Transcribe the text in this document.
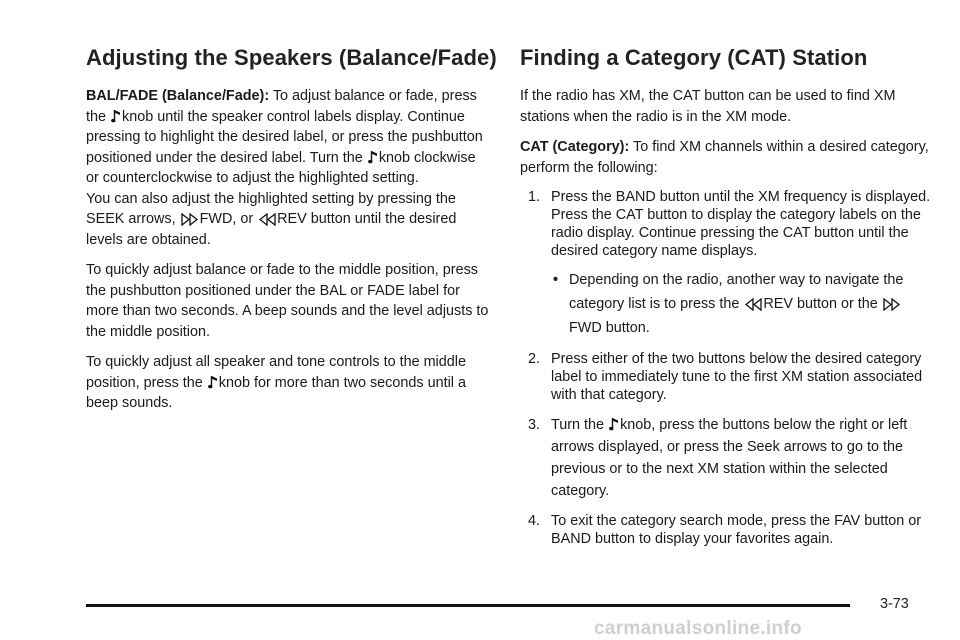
Adjusting the Speakers (Balance/Fade)

BAL/FADE (Balance/Fade): To adjust balance or fade, press the
knob until the speaker control labels display. Continue pressing to highlight the desired label, or press the pushbutton positioned under the desired label. Turn the
knob clockwise or counterclockwise to adjust the highlighted setting.
You can also adjust the highlighted setting by pressing the SEEK arrows,
FWD, or
REV button until the desired levels are obtained.

To quickly adjust balance or fade to the middle position, press the pushbutton positioned under the BAL or FADE label for more than two seconds. A beep sounds and the level adjusts to the middle position.

To quickly adjust all speaker and tone controls to the middle position, press the
knob for more than two seconds until a beep sounds.

Finding a Category (CAT) Station

If the radio has XM, the CAT button can be used to find XM stations when the radio is in the XM mode.

CAT (Category): To find XM channels within a desired category, perform the following:

1. Press the BAND button until the XM frequency is displayed. Press the CAT button to display the category labels on the radio display. Continue pressing the CAT button until the desired category name displays.
• Depending on the radio, another way to navigate the category list is to press the
REV button or the
FWD button.
2. Press either of the two buttons below the desired category label to immediately tune to the first XM station associated with that category.
3. Turn the
knob, press the buttons below the right or left arrows displayed, or press the Seek arrows to go to the previous or to the next XM station within the selected category.
4. To exit the category search mode, press the FAV button or BAND button to display your favorites again.
3-73
carmanualsonline.info
